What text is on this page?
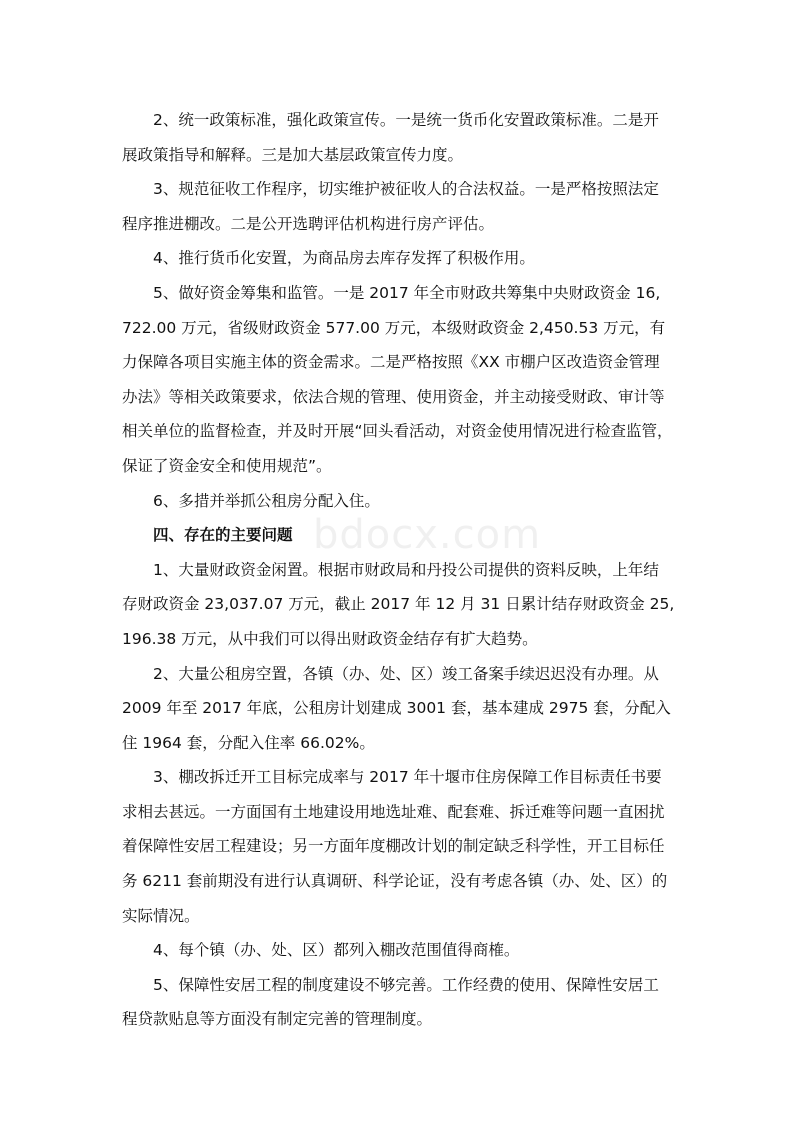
bdocx.com

　　2、统一政策标准，强化政策宣传。一是统一货币化安置政策标准。二是开
展政策指导和解释。三是加大基层政策宣传力度。

　　3、规范征收工作程序，切实维护被征收人的合法权益。一是严格按照法定
程序推进棚改。二是公开选聘评估机构进行房产评估。

　　4、推行货币化安置，为商品房去库存发挥了积极作用。

　　5、做好资金筹集和监管。一是 2017 年全市财政共筹集中央财政资金 16,
722.00 万元，省级财政资金 577.00 万元，本级财政资金 2,450.53 万元，有
力保障各项目实施主体的资金需求。二是严格按照《XX 市棚户区改造资金管理
办法》等相关政策要求，依法合规的管理、使用资金，并主动接受财政、审计等
相关单位的监督检查，并及时开展“回头看活动，对资金使用情况进行检查监管，
保证了资金安全和使用规范”。

　　6、多措并举抓公租房分配入住。

　　四、存在的主要问题

　　1、大量财政资金闲置。根据市财政局和丹投公司提供的资料反映，上年结
存财政资金 23,037.07 万元，截止 2017 年 12 月 31 日累计结存财政资金 25,
196.38 万元，从中我们可以得出财政资金结存有扩大趋势。

　　2、大量公租房空置，各镇（办、处、区）竣工备案手续迟迟没有办理。从
2009 年至 2017 年底，公租房计划建成 3001 套，基本建成 2975 套，分配入
住 1964 套，分配入住率 66.02%。

　　3、棚改拆迁开工目标完成率与 2017 年十堰市住房保障工作目标责任书要
求相去甚远。一方面国有土地建设用地选址难、配套难、拆迁难等问题一直困扰
着保障性安居工程建设；另一方面年度棚改计划的制定缺乏科学性，开工目标任
务 6211 套前期没有进行认真调研、科学论证，没有考虑各镇（办、处、区）的
实际情况。

　　4、每个镇（办、处、区）都列入棚改范围值得商榷。

　　5、保障性安居工程的制度建设不够完善。工作经费的使用、保障性安居工
程贷款贴息等方面没有制定完善的管理制度。
